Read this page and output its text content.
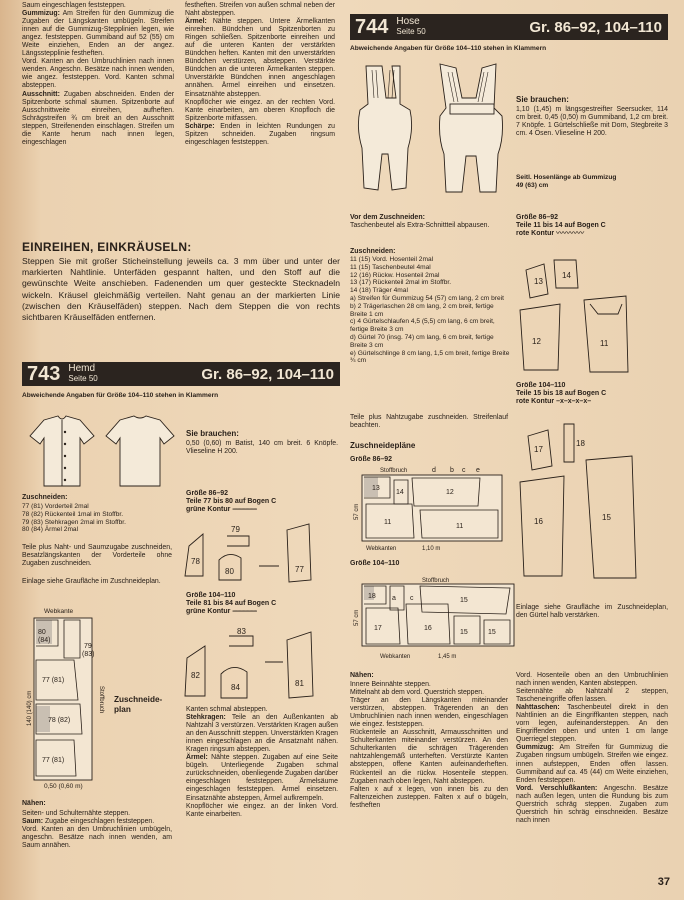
Saum eingeschlagen feststeppen.

Gummizug: Am Streifen für den Gummizug die Zugaben der Längskanten umbügeln. Streifen innen auf die Gummizug-Stepplinien legen, wie angez. feststeppen. Gummiband auf 52 (55) cm Weite einziehen, Enden an der angez. Längsstepplinie festheften.

Vord. Kanten an den Umbruchlinien nach innen wenden. Angeschn. Besätze nach innen wenden, wie angez. feststeppen. Vord. Kanten schmal absteppen.

Ausschnitt: Zugaben abschneiden. Enden der Spitzenborte schmal säumen. Spitzenborte auf Ausschnittweite einreihen, aufheften. Schrägstreifen ¾ cm breit an den Ausschnitt steppen, Streifenenden einschlagen. Streifen um die Kante herum nach innen legen, eingeschlagen

festheften. Streifen von außen schmal neben der Naht absteppen.

Ärmel: Nähte steppen. Untere Ärmelkanten einreihen. Bündchen und Spitzenborten zu Ringen schließen. Spitzenborte einreihen und auf die unteren Kanten der verstärkten Bündchen heften. Kanten mit den unverstärkten Bündchen verstürzen, absteppen. Verstärkte Bündchen an die unteren Ärmelkanten steppen. Unverstärkte Bündchen innen angeschlagen annähen. Ärmel einreihen und einsetzen. Einsatznähte absteppen.

Knopflöcher wie eingez. an der rechten Vord. Kante einarbeiten, am oberen Knopfloch die Spitzenborte mitfassen.

Schärpe: Enden in leichten Rundungen zu Spitzen schneiden. Zugaben ringsum eingeschlagen feststeppen.

EINREIHEN, EINKRÄUSELN:
Steppen Sie mit großer Sticheinstellung jeweils ca. 3 mm über und unter der markierten Nahtlinie. Unterfäden gespannt halten, und den Stoff auf die gewünschte Weite anschieben. Fadenenden um quer gesteckte Stecknadeln wickeln. Kräusel gleichmäßig verteilen. Naht genau an der markierten Linie (zwischen den Kräuselfäden) steppen. Nach dem Steppen die von rechts sichtbaren Kräuselfäden entfernen.
743 Hemd
Seite 50	Gr. 86–92, 104–110
Abweichende Angaben für Größe 104–110 stehen in Klammern
Sie brauchen:
0,50 (0,60) m Batist, 140 cm breit. 6 Knöpfe. Vlieseline H 200.
Zuschneiden:

77 (81) Vorderteil 2mal

78 (82) Rückenteil 1mal im Stoffbr.

79 (83) Stehkragen 2mal im Stoffbr.

80 (84) Ärmel 2mal

Teile plus Naht- und Saumzugabe zuschneiden, Besatzlängskanten der Vorderteile ohne Zugaben zuschneiden.
Einlage siehe Graufläche im Zuschneideplan.
Größe 86–92
Teile 77 bis 80 auf Bogen C
grüne Kontur ------------------
78
79
80	77
Größe 104–110
Teile 81 bis 84 auf Bogen C
grüne Kontur ------------------
82
83
84	81
Webkante
80
(84)
79
(83)
77 (81)
78 (82)
77 (81)
140 (140) cm	Stoffbruch
0,50 (0,60 m)
Zuschneide-plan
Nähen:

Seiten- und Schulternähte steppen.

Saum: Zugabe eingeschlagen feststeppen.

Vord. Kanten an den Umbruchlinien umbügeln, angeschn. Besätze nach innen wenden, am Saum annähen.

Kanten schmal absteppen.

Stehkragen: Teile an den Außenkanten ab Nahtzahl 3 verstürzen. Verstärkten Kragen außen an den Ausschnitt steppen. Unverstärkten Kragen innen eingeschlagen an die Ansatznaht nähen. Kragen ringsum absteppen.

Ärmel: Nähte steppen. Zugaben auf eine Seite bügeln. Unterliegende Zugaben schmal zurückschneiden, obenliegende Zugaben darüber eingeschlagen feststeppen. Ärmelsäume eingeschlagen feststeppen. Ärmel einsetzen. Einsatznähte absteppen, Ärmel aufkrempeln.

Knopflöcher wie eingez. an der linken Vord. Kante einarbeiten.

744 Hose
Seite 50	Gr. 86–92, 104–110
Abweichende Angaben für Größe 104–110 stehen in Klammern
Sie brauchen:
1,10 (1,45) m längsgestreifter Seersucker, 114 cm breit. 0,45 (0,50) m Gummiband, 1,2 cm breit. 7 Knöpfe. 1 Gürtelschließe mit Dorn, Stegbreite 3 cm. 4 Ösen. Vlieseline H 200.
Seitl. Hosenlänge ab Gummizug
49 (63) cm
Vor dem Zuschneiden:
Taschenbeutel als Extra-Schnittteil abpausen.
Zuschneiden:

11 (15) Vord. Hosenteil 2mal

11 (15) Taschenbeutel 4mal

12 (16) Rückw. Hosenteil 2mal

13 (17) Rückenteil 2mal im Stoffbr.

14 (18) Träger 4mal

a) Streifen für Gummizug 54 (57) cm lang, 2 cm breit

b) 2 Trägerlaschen 28 cm lang, 2 cm breit, fertige Breite 1 cm

c) 4 Gürtelschlaufen 4,5 (5,5) cm lang, 6 cm breit, fertige Breite 3 cm

d) Gürtel 70 (insg. 74) cm lang, 6 cm breit, fertige Breite 3 cm

e) Gürtelschlinge 8 cm lang, 1,5 cm breit, fertige Breite ¾ cm

Teile plus Nahtzugabe zuschneiden. Streifenlauf beachten.
Größe 86–92
Teile 11 bis 14 auf Bogen C
rote Kontur 〰〰〰〰
13
14
12	11
Größe 104–110
Teile 15 bis 18 auf Bogen C
rote Kontur –x–x–x–x–
17
18
16	15
Zuschneidepläne
Größe 86–92
Stoffbruch	d b c e
13
14	12
11
11
57 cm
Webkanten	1,10 m
Größe 104–110
Stoffbruch
18
17	16
15
15	15
a c
57 cm
Webkanten	1,45 m
Einlage siehe Graufläche im Zuschneideplan, den Gürtel halb verstärken.
Nähen:

Innere Beinnähte steppen.

Mittelnaht ab dem vord. Querstrich steppen.

Träger an den Längskanten miteinander verstürzen, absteppen. Trägerenden an den Umbruchlinien nach innen wenden, eingeschlagen wie eingez. feststeppen.

Rückenteile an Ausschnitt, Armausschnitten und Schulterkanten miteinander verstürzen. An den Schulterkanten die schrägen Trägerenden nahtzahlengemäß unterheften. Verstürzte Kanten absteppen, offene Kanten aufeinanderheften. Rückenteil an die rückw. Hosenteile steppen. Zugaben nach oben legen, Naht absteppen.

Falten x auf x legen, von innen bis zu den Faltenzeichen zusteppen. Falten x auf o bügeln, festheften

Vord. Hosenteile oben an den Umbruchlinien nach innen wenden, Kanten absteppen.

Seitennähte ab Nahtzahl 2 steppen, Tascheneingriffe offen lassen.

Nahttaschen: Taschenbeutel direkt in den Nahtlinien an die Eingriffkanten steppen, nach vorn legen, aufeinandersteppen. An den Eingriffenden oben und unten 1 cm lange Querriegel steppen.

Gummizug: Am Streifen für Gummizug die Zugaben ringsum umbügeln. Streifen wie eingez. innen aufsteppen, Enden offen lassen. Gummiband auf ca. 45 (44) cm Weite einziehen, Enden feststeppen.

Vord. Verschlußkanten: Angeschn. Besätze nach außen legen, unten die Rundung bis zum Querstrich schräg steppen. Zugaben zum Querstrich hin schräg einschneiden. Besätze nach innen

37
